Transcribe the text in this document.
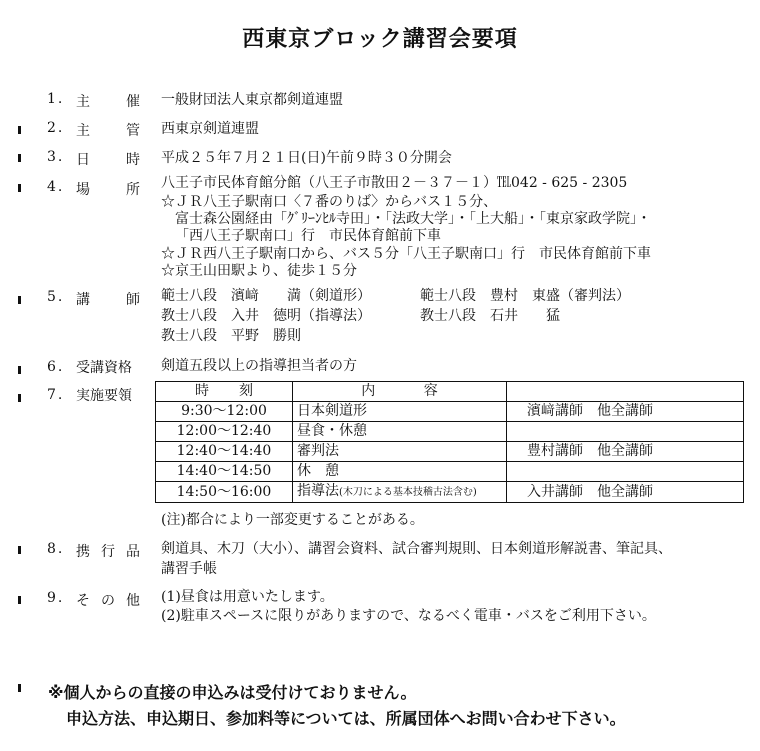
西東京ブロック講習会要項
1. 主	催 一般財団法人東京都剣道連盟
2. 主	管 西東京剣道連盟
3. 日	時 平成２５年７月２１日(日)午前９時３０分開会
4. 場	所 八王子市民体育館分館（八王子市散田２－３７－１）℡042 - 625 - 2305
☆ＪＲ八王子駅南口〈７番のりば〉からバス１５分、
富士森公園経由「ｸﾞﾘｰﾝﾋﾙ寺田」・「法政大学」・「上大船」・「東京家政学院」・
「西八王子駅南口」行　市民体育館前下車
☆ＪＲ西八王子駅南口から、バス５分「八王子駅南口」行　市民体育館前下車
☆京王山田駅より、徒歩１５分
5. 講	師 範士八段　濱﨑　　満（剣道形）	範士八段　豊村　東盛（審判法）
教士八段　入井　德明（指導法）	教士八段　石井　　猛
教士八段　平野　勝則
6. 受講資格 剣道五段以上の指導担当者の方
7. 実施要領	時 刻	内 容	

9:30～12:00	日本剣道形	濱﨑講師　他全講師
12:00～12:40	昼食・休憩	
12:40～14:40	審判法	豊村講師　他全講師
14:40～14:50	休　憩	
14:50～16:00	指導法(木刀による基本技稽古法含む)	入井講師　他全講師
(注)都合により一部変更することがある。
8. 携 行 品 剣道具、木刀（大小）、講習会資料、試合審判規則、日本剣道形解説書、筆記具、
講習手帳
9. そ の 他 (1)昼食は用意いたします。
(2)駐車スペースに限りがありますので、なるべく電車・バスをご利用下さい。
※個人からの直接の申込みは受付けておりません。
申込方法、申込期日、参加料等については、所属団体へお問い合わせ下さい。
